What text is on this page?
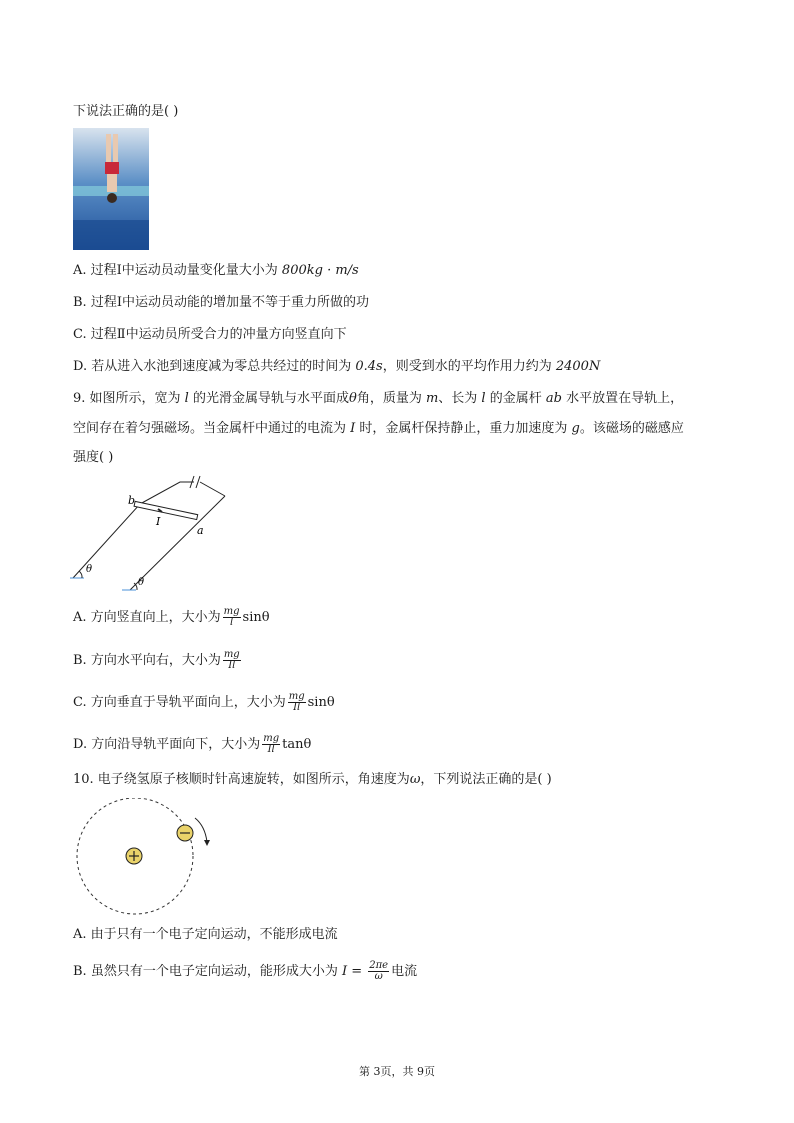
下说法正确的是( )
A. 过程Ⅰ中运动员动量变化量大小为 800kg · m/s
B. 过程Ⅰ中运动员动能的增加量不等于重力所做的功
C. 过程Ⅱ中运动员所受合力的冲量方向竖直向下
D. 若从进入水池到速度减为零总共经过的时间为 0.4s，则受到水的平均作用力约为 2400N
9. 如图所示，宽为 l 的光滑金属导轨与水平面成θ角，质量为 m、长为 l 的金属杆 ab 水平放置在导轨上，
空间存在着匀强磁场。当金属杆中通过的电流为 I 时，金属杆保持静止，重力加速度为 g。该磁场的磁感应
强度( )
b
I
a
θ
θ
A. 方向竖直向上，大小为 $\frac{mg}{l}$ sinθ
B. 方向水平向右，大小为 $\frac{mg}{Il}$
C. 方向垂直于导轨平面向上，大小为 $\frac{mg}{Il}$ sinθ
D. 方向沿导轨平面向下，大小为 $\frac{mg}{Il}$ tanθ
10. 电子绕氢原子核顺时针高速旋转，如图所示，角速度为ω，下列说法正确的是( )
A. 由于只有一个电子定向运动，不能形成电流
B. 虽然只有一个电子定向运动，能形成大小为 $I = \frac{2\pi e}{\omega}$ 电流
第 3页，共 9页
